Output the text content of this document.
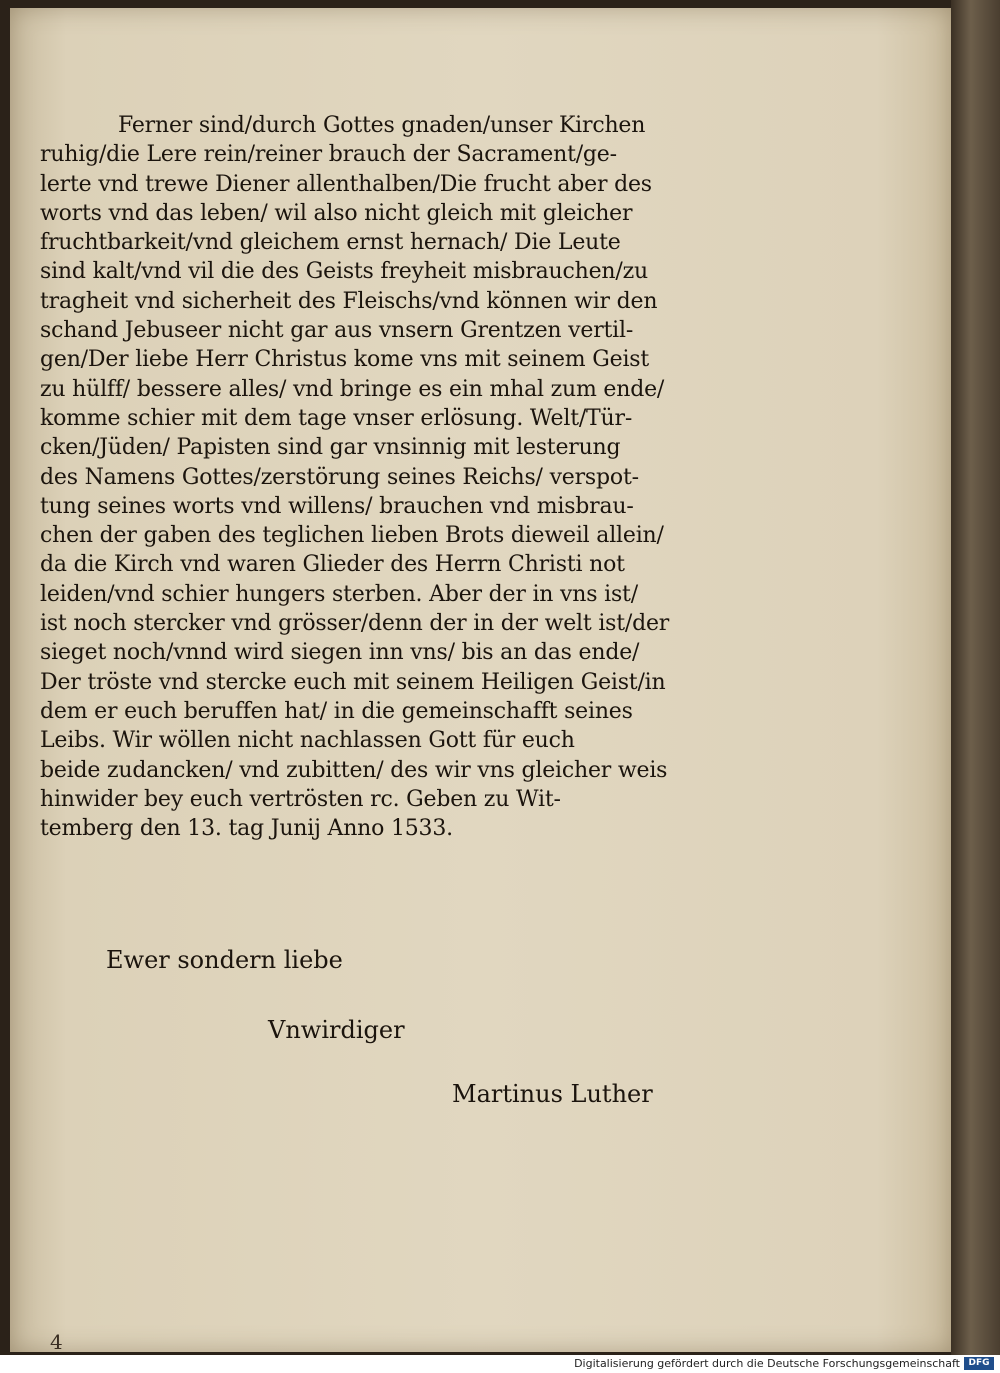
Ferner sind/durch Gottes gnaden/unser Kirchen
ruhig/die Lere rein/reiner brauch der Sacrament/ge-
lerte vnd trewe Diener allenthalben/Die frucht aber des
worts vnd das leben/ wil also nicht gleich mit gleicher
fruchtbarkeit/vnd gleichem ernst hernach/ Die Leute
sind kalt/vnd vil die des Geists freyheit misbrauchen/zu
tragheit vnd sicherheit des Fleischs/vnd können wir den
schand Jebuseer nicht gar aus vnsern Grentzen vertil-
gen/Der liebe Herr Christus kome vns mit seinem Geist
zu hülff/ bessere alles/ vnd bringe es ein mhal zum ende/
komme schier mit dem tage vnser erlösung. Welt/Tür-
cken/Jüden/ Papisten sind gar vnsinnig mit lesterung
des Namens Gottes/zerstörung seines Reichs/ verspot-
tung seines worts vnd willens/ brauchen vnd misbrau-
chen der gaben des teglichen lieben Brots dieweil allein/
da die Kirch vnd waren Glieder des Herrn Christi not
leiden/vnd schier hungers sterben. Aber der in vns ist/
ist noch stercker vnd grösser/denn der in der welt ist/der
sieget noch/vnnd wird siegen inn vns/ bis an das ende/
Der tröste vnd stercke euch mit seinem Heiligen Geist/in
dem er euch beruffen hat/ in die gemeinschafft seines
Leibs. Wir wöllen nicht nachlassen Gott für euch
beide zudancken/ vnd zubitten/ des wir vns gleicher weis
hinwider bey euch vertrösten rc. Geben zu Wit-
temberg den 13. tag Junij Anno 1533.
Ewer sondern liebe
Vnwirdiger
Martinus Luther
4
Digitalisierung gefördert durch die Deutsche Forschungsgemeinschaft DFG
